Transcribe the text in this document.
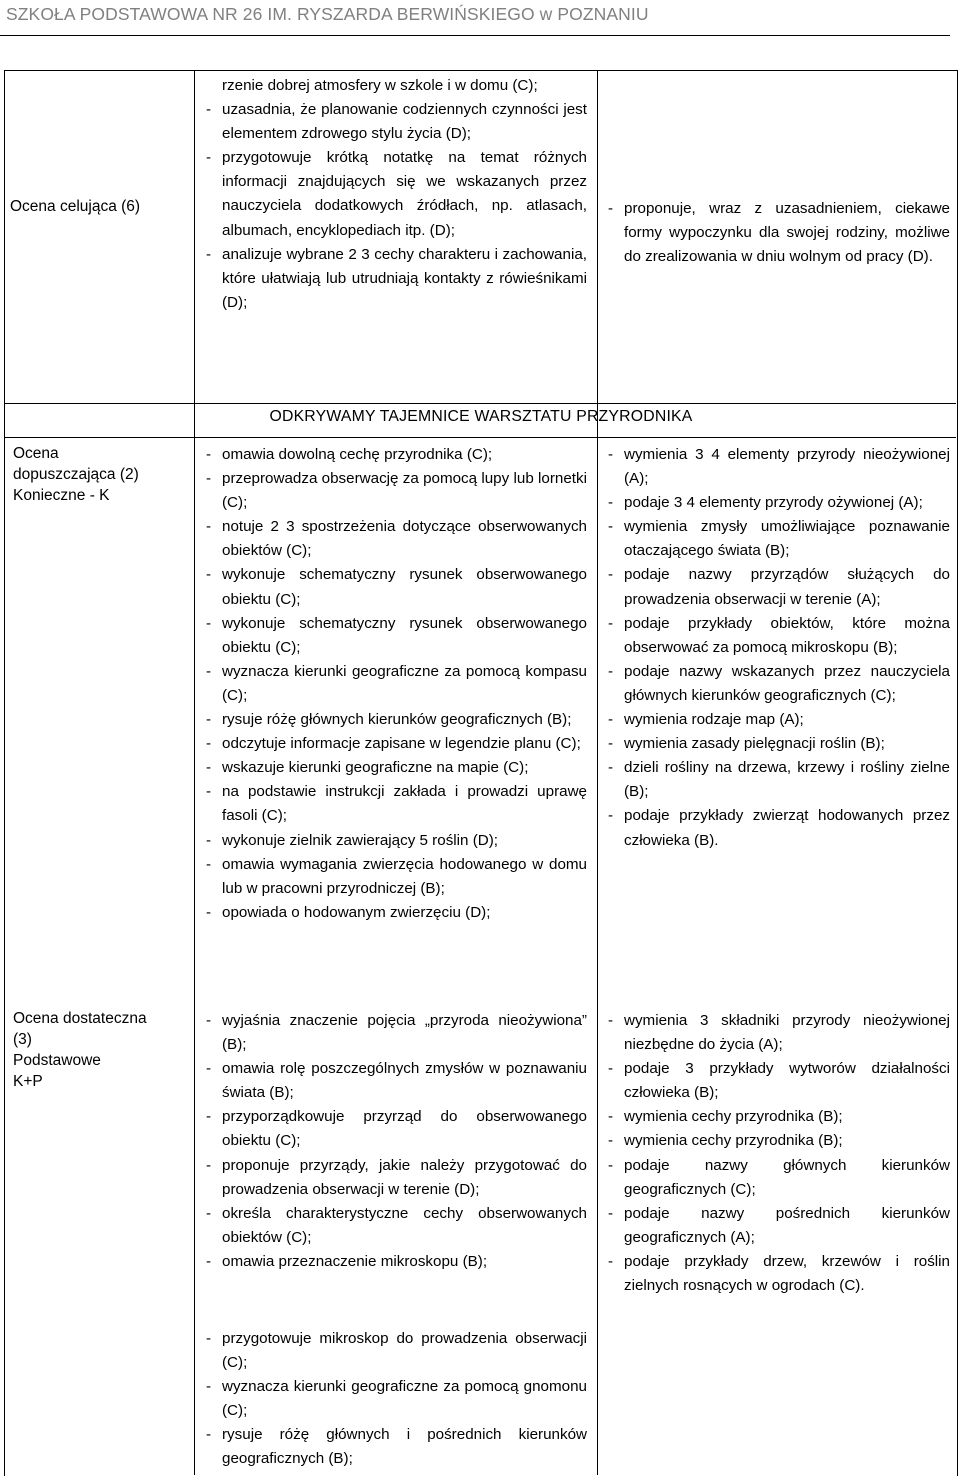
SZKOŁA PODSTAWOWA NR 26 IM. RYSZARDA BERWIŃSKIEGO w POZNANIU
ODKRYWAMY TAJEMNICE WARSZTATU PRZYRODNIKA
Ocena celująca (6)
Ocena
dopuszczająca (2)
Konieczne - K
Ocena dostateczna
(3)
Podstawowe
K+P
rzenie dobrej atmosfery w szkole i w domu (C);
- uzasadnia, że planowanie codziennych czynności jest elementem zdrowego stylu życia (D);
- przygotowuje krótką notatkę na temat różnych informacji znajdujących się we wskazanych przez nauczyciela dodatkowych źródłach, np. atlasach, albumach, encyklopediach itp. (D);
- analizuje wybrane 2 3 cechy charakteru i zachowania, które ułatwiają lub utrudniają kontakty z rówieśnikami (D);
- proponuje, wraz z uzasadnieniem, ciekawe formy wypoczynku dla swojej rodziny, możliwe do zrealizowania w dniu wolnym od pracy (D).
- omawia dowolną cechę przyrodnika (C);
- przeprowadza obserwację za pomocą lupy lub lornetki (C);
- notuje 2 3 spostrzeżenia dotyczące obserwowanych obiektów (C);
- wykonuje schematyczny rysunek obserwowanego obiektu (C);
- wykonuje schematyczny rysunek obserwowanego obiektu (C);
- wyznacza kierunki geograficzne za pomocą kompasu (C);
- rysuje różę głównych kierunków geograficznych (B);
- odczytuje informacje zapisane w legendzie planu (C);
- wskazuje kierunki geograficzne na mapie (C);
- na podstawie instrukcji zakłada i prowadzi uprawę fasoli (C);
- wykonuje zielnik zawierający 5 roślin (D);
- omawia wymagania zwierzęcia hodowanego w domu lub w pracowni przyrodniczej (B);
- opowiada o hodowanym zwierzęciu (D);
- wymienia 3 4 elementy przyrody nieożywionej (A);
- podaje 3 4 elementy przyrody ożywionej (A);
- wymienia zmysły umożliwiające poznawanie otaczającego świata (B);
- podaje nazwy przyrządów służących do prowadzenia obserwacji w terenie (A);
- podaje przykłady obiektów, które można obserwować za pomocą mikroskopu (B);
- podaje nazwy wskazanych przez nauczyciela głównych kierunków geograficznych (C);
- wymienia rodzaje map (A);
- wymienia zasady pielęgnacji roślin (B);
- dzieli rośliny na drzewa, krzewy i rośliny zielne (B);
- podaje przykłady zwierząt hodowanych przez człowieka (B).
- wyjaśnia znaczenie pojęcia „przyroda nieożywiona” (B);
- omawia rolę poszczególnych zmysłów w poznawaniu świata (B);
- przyporządkowuje przyrząd do obserwowanego obiektu (C);
- proponuje przyrządy, jakie należy przygotować do prowadzenia obserwacji w terenie (D);
- określa charakterystyczne cechy obserwowanych obiektów (C);
- omawia przeznaczenie mikroskopu (B);
- przygotowuje mikroskop do prowadzenia obserwacji (C);
- wyznacza kierunki geograficzne za pomocą gnomonu (C);
- rysuje różę głównych i pośrednich kierunków geograficznych (B);
- wymienia 3 składniki przyrody nieożywionej niezbędne do życia (A);
- podaje 3 przykłady wytworów działalności człowieka (B);
- wymienia cechy przyrodnika (B);
- wymienia cechy przyrodnika (B);
- podaje nazwy głównych kierunków geograficznych (C);
- podaje nazwy pośrednich kierunków geograficznych (A);
- podaje przykłady drzew, krzewów i roślin zielnych rosnących w ogrodach (C).
